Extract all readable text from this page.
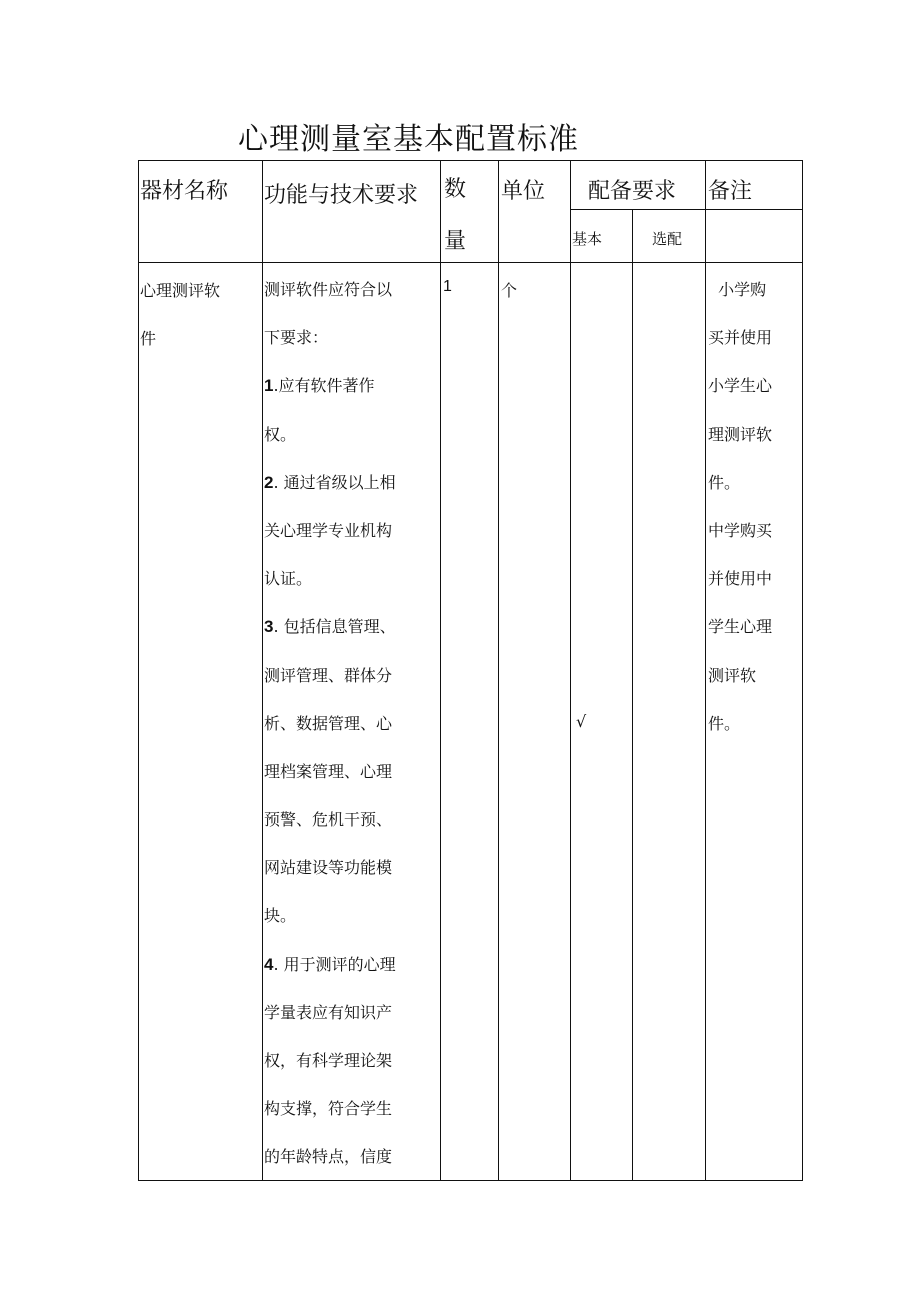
心理测量室基本配置标准
器材名称 功能与技术要求 数
量
单位 配备要求
基本	选配
备注
心理测评软
件
测评软件应符合以
下要求：
1.应有软件著作
权。
2. 通过省级以上相
关心理学专业机构
认证。
3. 包括信息管理、
测评管理、群体分
析、数据管理、心
理档案管理、心理
预警、危机干预、
网站建设等功能模
块。
4. 用于测评的心理
学量表应有知识产
权，有科学理论架
构支撑，符合学生
的年龄特点，信度
1	个
√
小学购
买并使用
小学生心
理测评软
件。
中学购买
并使用中
学生心理
测评软
件。
